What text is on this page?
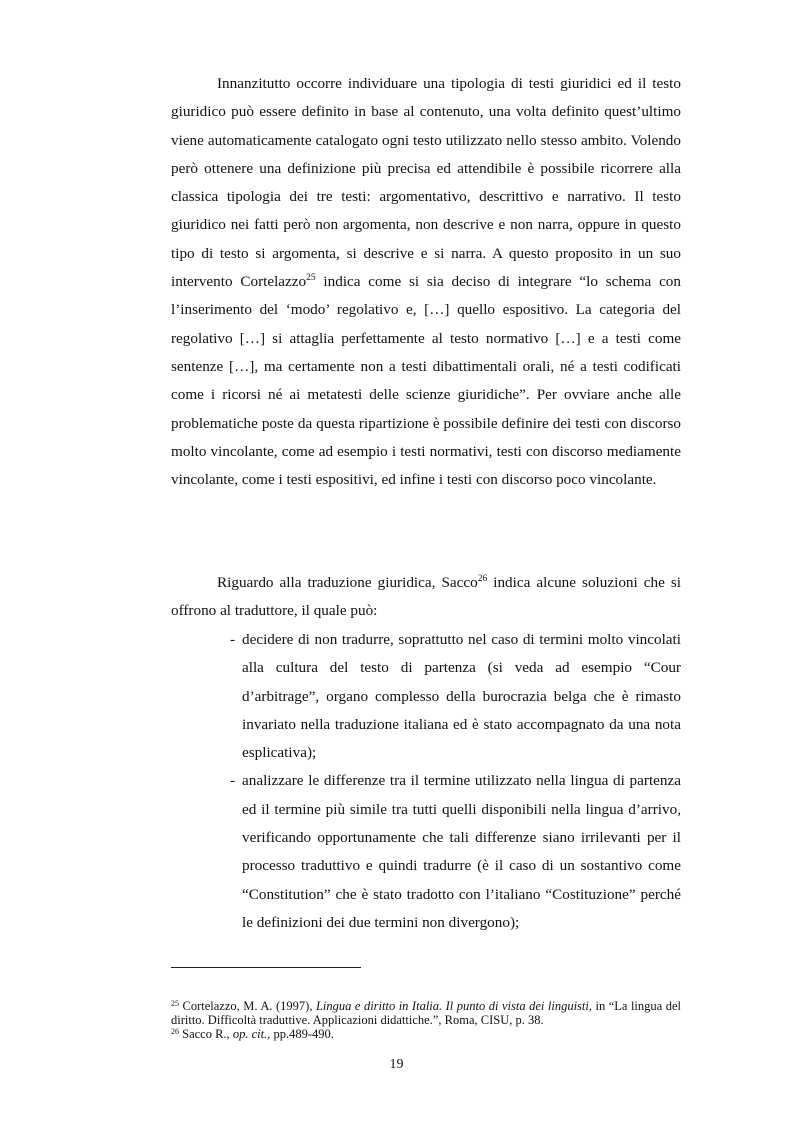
Innanzitutto occorre individuare una tipologia di testi giuridici ed il testo giuridico può essere definito in base al contenuto, una volta definito quest’ultimo viene automaticamente catalogato ogni testo utilizzato nello stesso ambito. Volendo però ottenere una definizione più precisa ed attendibile è possibile ricorrere alla classica tipologia dei tre testi: argomentativo, descrittivo e narrativo. Il testo giuridico nei fatti però non argomenta, non descrive e non narra, oppure in questo tipo di testo si argomenta, si descrive e si narra. A questo proposito in un suo intervento Cortelazzo$^{25}$ indica come si sia deciso di integrare “lo schema con l’inserimento del ‘modo’ regolativo e, […] quello espositivo. La categoria del regolativo […] si attaglia perfettamente al testo normativo […] e a testi come sentenze […], ma certamente non a testi dibattimentali orali, né a testi codificati come i ricorsi né ai metatesti delle scienze giuridiche”. Per ovviare anche alle problematiche poste da questa ripartizione è possibile definire dei testi con discorso molto vincolante, come ad esempio i testi normativi, testi con discorso mediamente vincolante, come i testi espositivi, ed infine i testi con discorso poco vincolante.

Riguardo alla traduzione giuridica, Sacco$^{26}$ indica alcune soluzioni che si offrono al traduttore, il quale può:

- decidere di non tradurre, soprattutto nel caso di termini molto vincolati alla cultura del testo di partenza (si veda ad esempio “Cour d’arbitrage”, organo complesso della burocrazia belga che è rimasto invariato nella traduzione italiana ed è stato accompagnato da una nota esplicativa);
- analizzare le differenze tra il termine utilizzato nella lingua di partenza ed il termine più simile tra tutti quelli disponibili nella lingua d’arrivo, verificando opportunamente che tali differenze siano irrilevanti per il processo traduttivo e quindi tradurre (è il caso di un sostantivo come “Constitution” che è stato tradotto con l’italiano “Costituzione” perché le definizioni dei due termini non divergono);

$^{25}$ Cortelazzo, M. A. (1997), Lingua e diritto in Italia. Il punto di vista dei linguisti, in “La lingua del diritto. Difficoltà traduttive. Applicazioni didattiche.”, Roma, CISU, p. 38.

$^{26}$ Sacco R., op. cit., pp.489-490.

19
